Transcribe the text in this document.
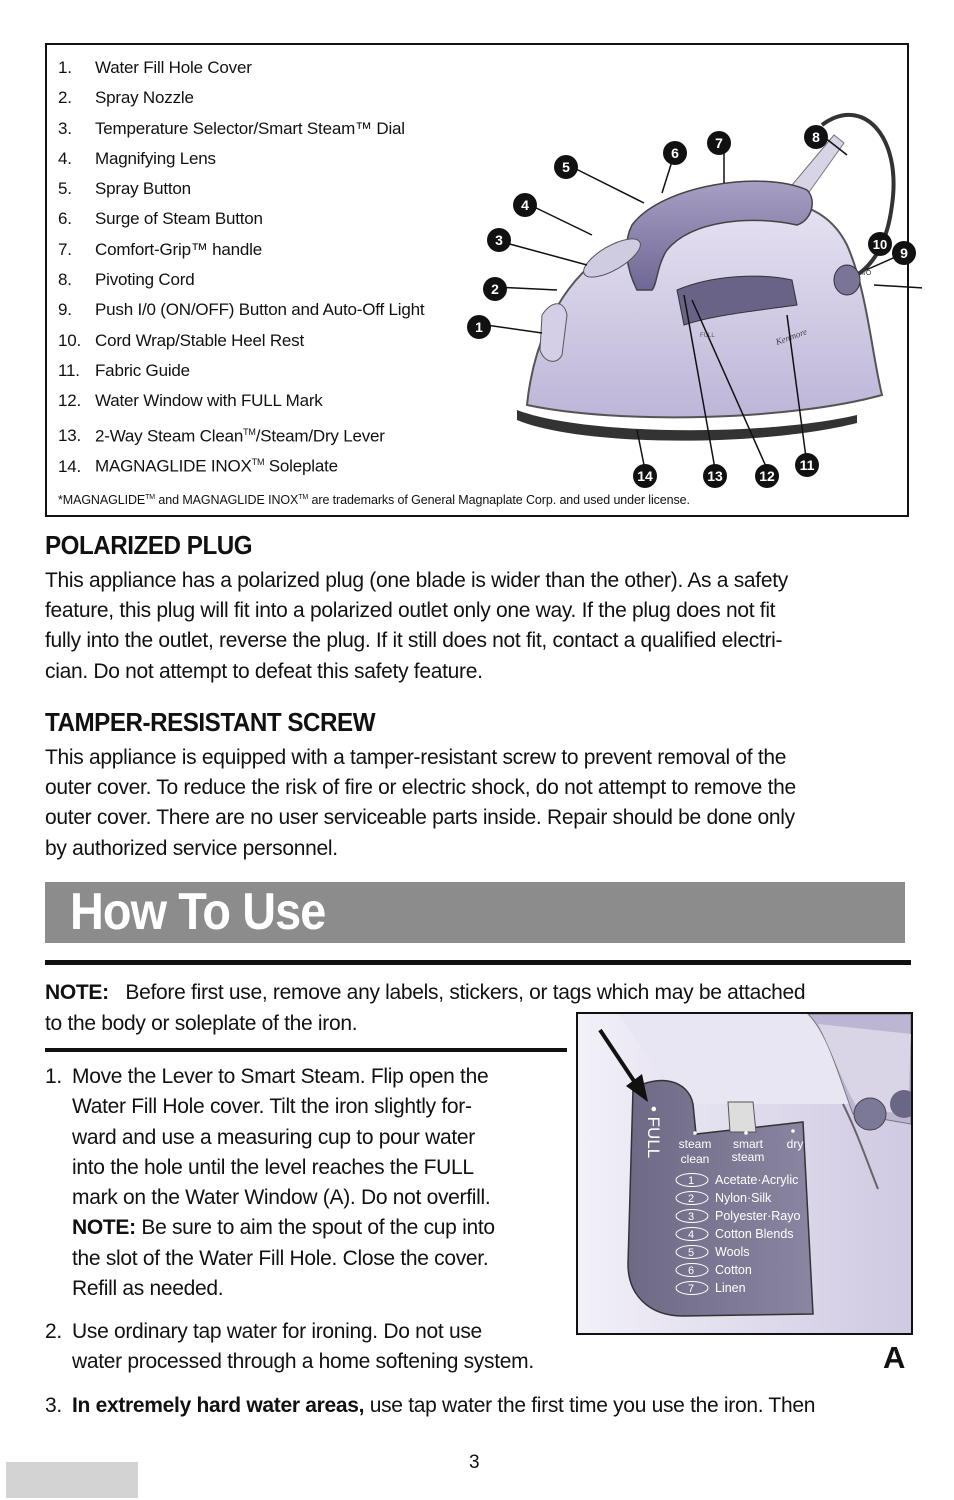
1. Water Fill Hole Cover
2. Spray Nozzle
3. Temperature Selector/Smart Steam™ Dial
4. Magnifying Lens
5. Spray Button
6. Surge of Steam Button
7. Comfort-Grip™ handle
8. Pivoting Cord
9. Push I/0 (ON/OFF) Button and Auto-Off Light
10. Cord Wrap/Stable Heel Rest
11. Fabric Guide
12. Water Window with FULL Mark
13. 2-Way Steam Clean™/Steam/Dry Lever
14. MAGNAGLIDE INOX™ Soleplate
*MAGNAGLIDE™ and MAGNAGLIDE INOX™ are trademarks of General Magnaplate Corp. and used under license.
FULL	Kenmore
I/O
1
2
3
4
5
6
7	8
9
11
12
13
14
10
POLARIZED PLUG
This appliance has a polarized plug (one blade is wider than the other). As a safety
feature, this plug will fit into a polarized outlet only one way. If the plug does not fit
fully into the outlet, reverse the plug. If it still does not fit, contact a qualified electri-
cian. Do not attempt to defeat this safety feature.
TAMPER-RESISTANT SCREW
This appliance is equipped with a tamper-resistant screw to prevent removal of the
outer cover. To reduce the risk of fire or electric shock, do not attempt to remove the
outer cover. There are no user serviceable parts inside. Repair should be done only
by authorized service personnel.
How To Use
NOTE:   Before first use, remove any labels, stickers, or tags which may be attached
to the body or soleplate of the iron.
1. Move the Lever to Smart Steam. Flip open the
Water Fill Hole cover. Tilt the iron slightly for-
ward and use a measuring cup to pour water
into the hole until the level reaches the FULL
mark on the Water Window (A). Do not overfill.
NOTE: Be sure to aim the spout of the cup into
the slot of the Water Fill Hole. Close the cover.
Refill as needed.
2. Use ordinary tap water for ironing. Do not use
water processed through a home softening system.
3. In extremely hard water areas, use tap water the first time you use the iron. Then
• FULL steam
clean
smart
steam
dry
1 Acetate·Acrylic
2 Nylon·Silk
3 Polyester·Rayo
4 Cotton Blends
5 Wools
6 Cotton
7 Linen
A
3
